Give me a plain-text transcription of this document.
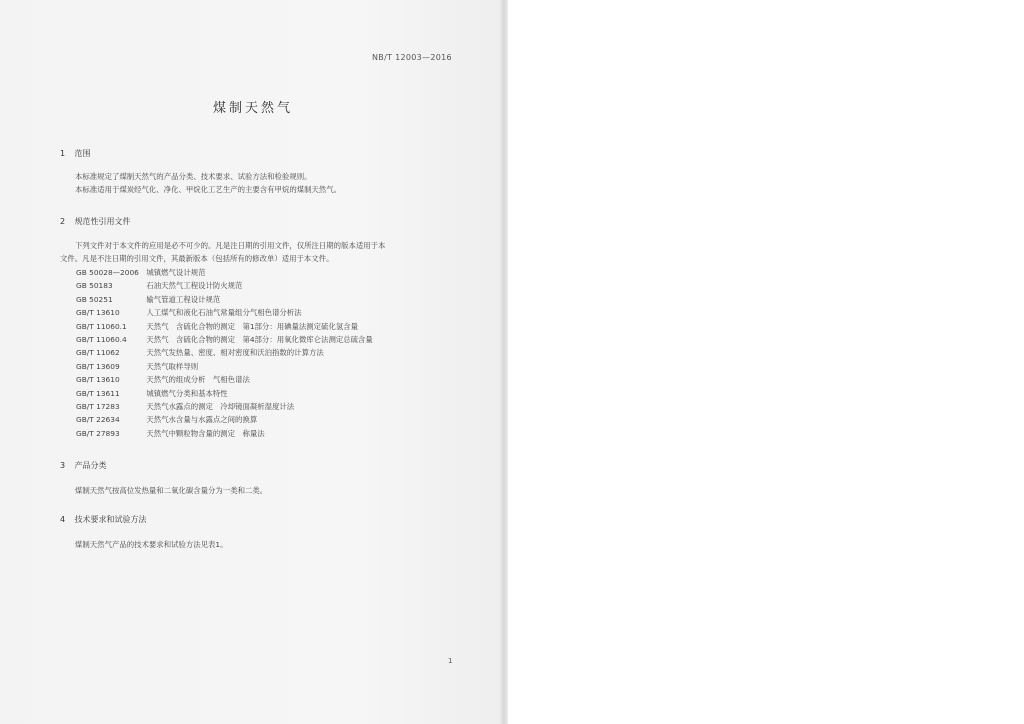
NB/T 12003—2016
煤制天然气
1 范围
本标准规定了煤制天然气的产品分类、技术要求、试验方法和检验规则。
本标准适用于煤炭经气化、净化、甲烷化工艺生产的主要含有甲烷的煤制天然气。
2 规范性引用文件
下列文件对于本文件的应用是必不可少的。凡是注日期的引用文件，仅所注日期的版本适用于本
文件。凡是不注日期的引用文件，其最新版本（包括所有的修改单）适用于本文件。
GB 50028—2006 城镇燃气设计规范
GB 50183	石油天然气工程设计防火规范
GB 50251	输气管道工程设计规范
GB/T 13610	人工煤气和液化石油气常量组分气相色谱分析法
GB/T 11060.1	天然气　含硫化合物的测定　第1部分：用碘量法测定硫化氢含量
GB/T 11060.4	天然气　含硫化合物的测定　第4部分：用氧化微库仑法测定总硫含量
GB/T 11062	天然气发热量、密度、相对密度和沃泊指数的计算方法
GB/T 13609	天然气取样导则
GB/T 13610	天然气的组成分析　气相色谱法
GB/T 13611	城镇燃气分类和基本特性
GB/T 17283	天然气水露点的测定　冷却镜面凝析湿度计法
GB/T 22634	天然气水含量与水露点之间的换算
GB/T 27893	天然气中颗粒物含量的测定　称量法
3 产品分类
煤制天然气按高位发热量和二氧化碳含量分为一类和二类。
4 技术要求和试验方法
煤制天然气产品的技术要求和试验方法见表1。
1
